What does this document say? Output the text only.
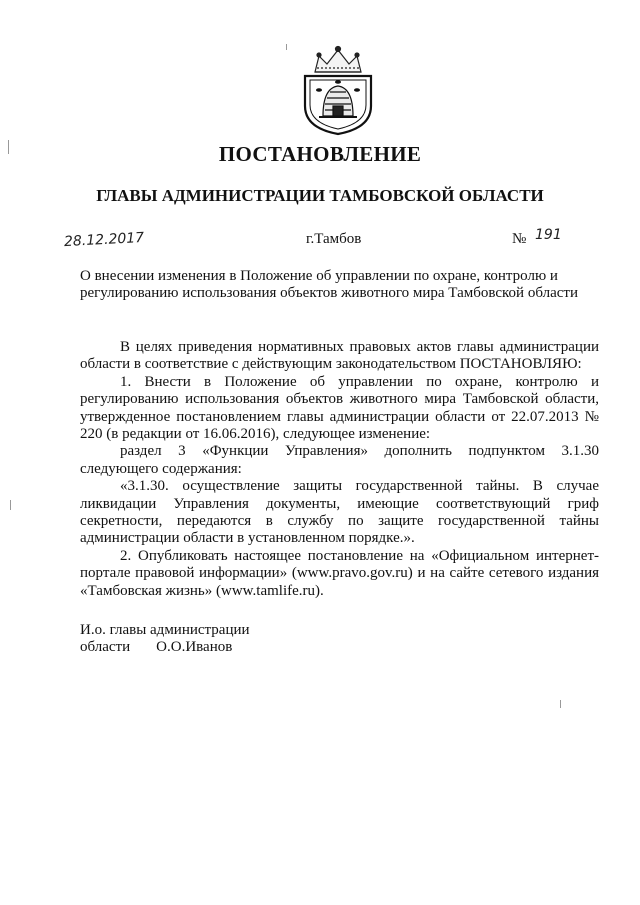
ПОСТАНОВЛЕНИЕ
ГЛАВЫ АДМИНИСТРАЦИИ ТАМБОВСКОЙ ОБЛАСТИ
28.12.2017	г.Тамбов	№ 191
О внесении изменения в Положение об управлении по охране, контролю и регулированию использования объектов животного мира Тамбовской области

В целях приведения нормативных правовых актов главы администрации области в соответствие с действующим законодательством ПОСТАНОВЛЯЮ:

1. Внести в Положение об управлении по охране, контролю и регулированию использования объектов животного мира Тамбовской области, утвержденное постановлением главы администрации области от 22.07.2013 № 220 (в редакции от 16.06.2016), следующее изменение:

раздел 3 «Функции Управления» дополнить подпунктом 3.1.30 следующего содержания:

«3.1.30. осуществление защиты государственной тайны. В случае ликвидации Управления документы, имеющие соответствующий гриф секретности, передаются в службу по защите государственной тайны администрации области в установленном порядке.».

2. Опубликовать настоящее постановление на «Официальном интернет-портале правовой информации» (www.pravo.gov.ru) и на сайте сетевого издания «Тамбовская жизнь» (www.tamlife.ru).

И.о. главы администрации
области О.О.Иванов
